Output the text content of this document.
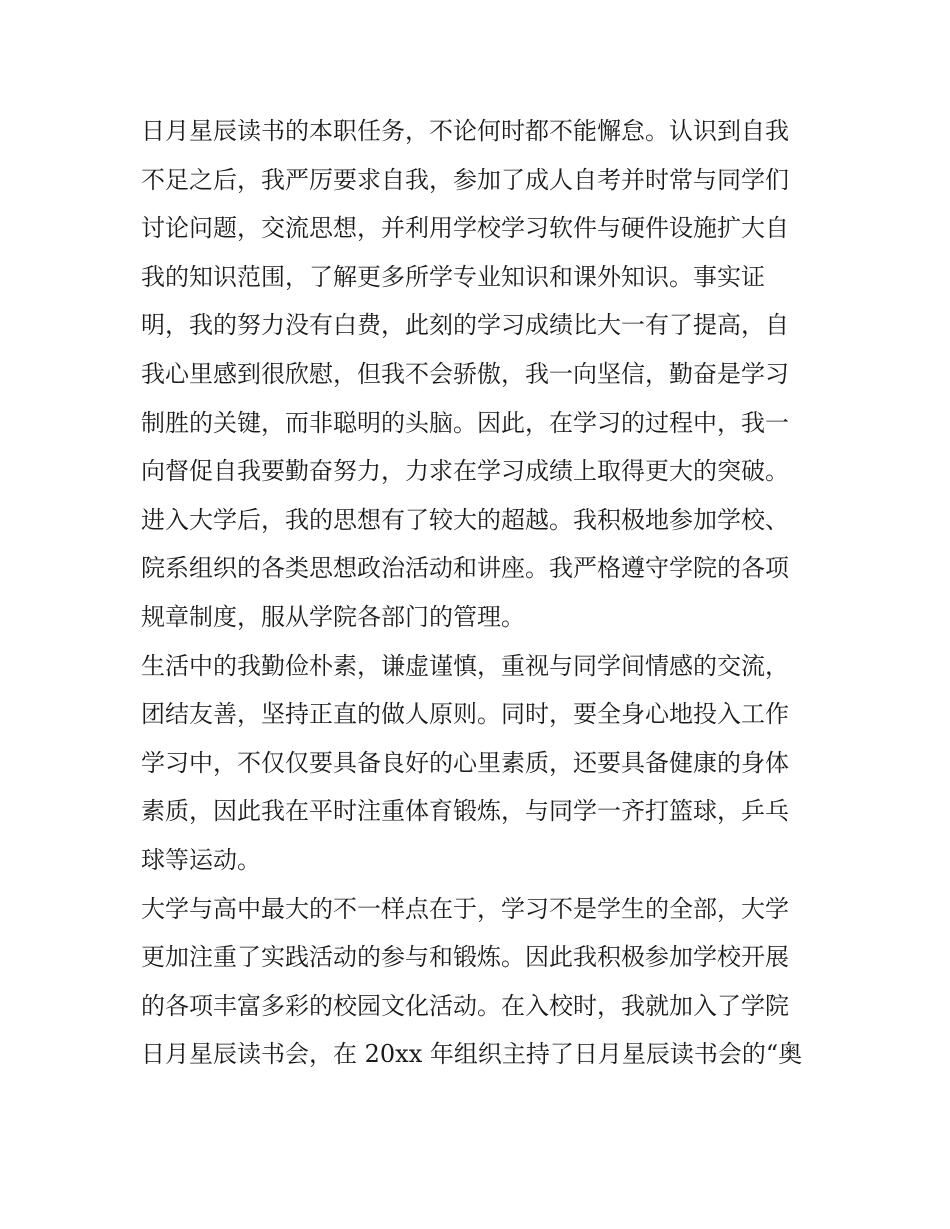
日月星辰读书的本职任务，不论何时都不能懈怠。认识到自我
不足之后，我严厉要求自我，参加了成人自考并时常与同学们
讨论问题，交流思想，并利用学校学习软件与硬件设施扩大自
我的知识范围，了解更多所学专业知识和课外知识。事实证
明，我的努力没有白费，此刻的学习成绩比大一有了提高，自
我心里感到很欣慰，但我不会骄傲，我一向坚信，勤奋是学习
制胜的关键，而非聪明的头脑。因此，在学习的过程中，我一
向督促自我要勤奋努力，力求在学习成绩上取得更大的突破。
进入大学后，我的思想有了较大的超越。我积极地参加学校、
院系组织的各类思想政治活动和讲座。我严格遵守学院的各项
规章制度，服从学院各部门的管理。
生活中的我勤俭朴素，谦虚谨慎，重视与同学间情感的交流，
团结友善，坚持正直的做人原则。同时，要全身心地投入工作
学习中，不仅仅要具备良好的心里素质，还要具备健康的身体
素质，因此我在平时注重体育锻炼，与同学一齐打篮球，乒乓
球等运动。
大学与高中最大的不一样点在于，学习不是学生的全部，大学
更加注重了实践活动的参与和锻炼。因此我积极参加学校开展
的各项丰富多彩的校园文化活动。在入校时，我就加入了学院
日月星辰读书会，在 20xx 年组织主持了日月星辰读书会的“奥
